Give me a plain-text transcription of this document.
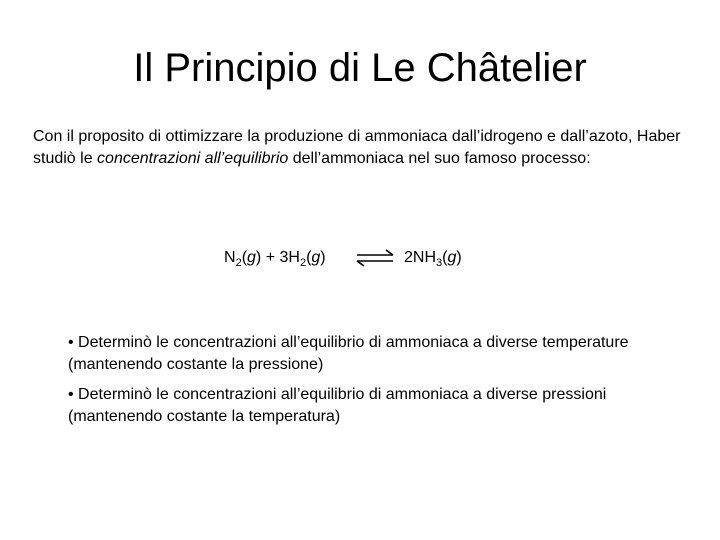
Il Principio di Le Châtelier
Con il proposito di ottimizzare la produzione di ammoniaca dall’idrogeno e dall’azoto, Haber studiò le concentrazioni all’equilibrio dell’ammoniaca nel suo famoso processo:
$N_2(g) + 3H_2(g)$ ⇌ $2NH_3(g)$

• Determinò le concentrazioni all’equilibrio di ammoniaca a diverse temperature (mantenendo costante la pressione)

• Determinò le concentrazioni all’equilibrio di ammoniaca a diverse pressioni (mantenendo costante la temperatura)
